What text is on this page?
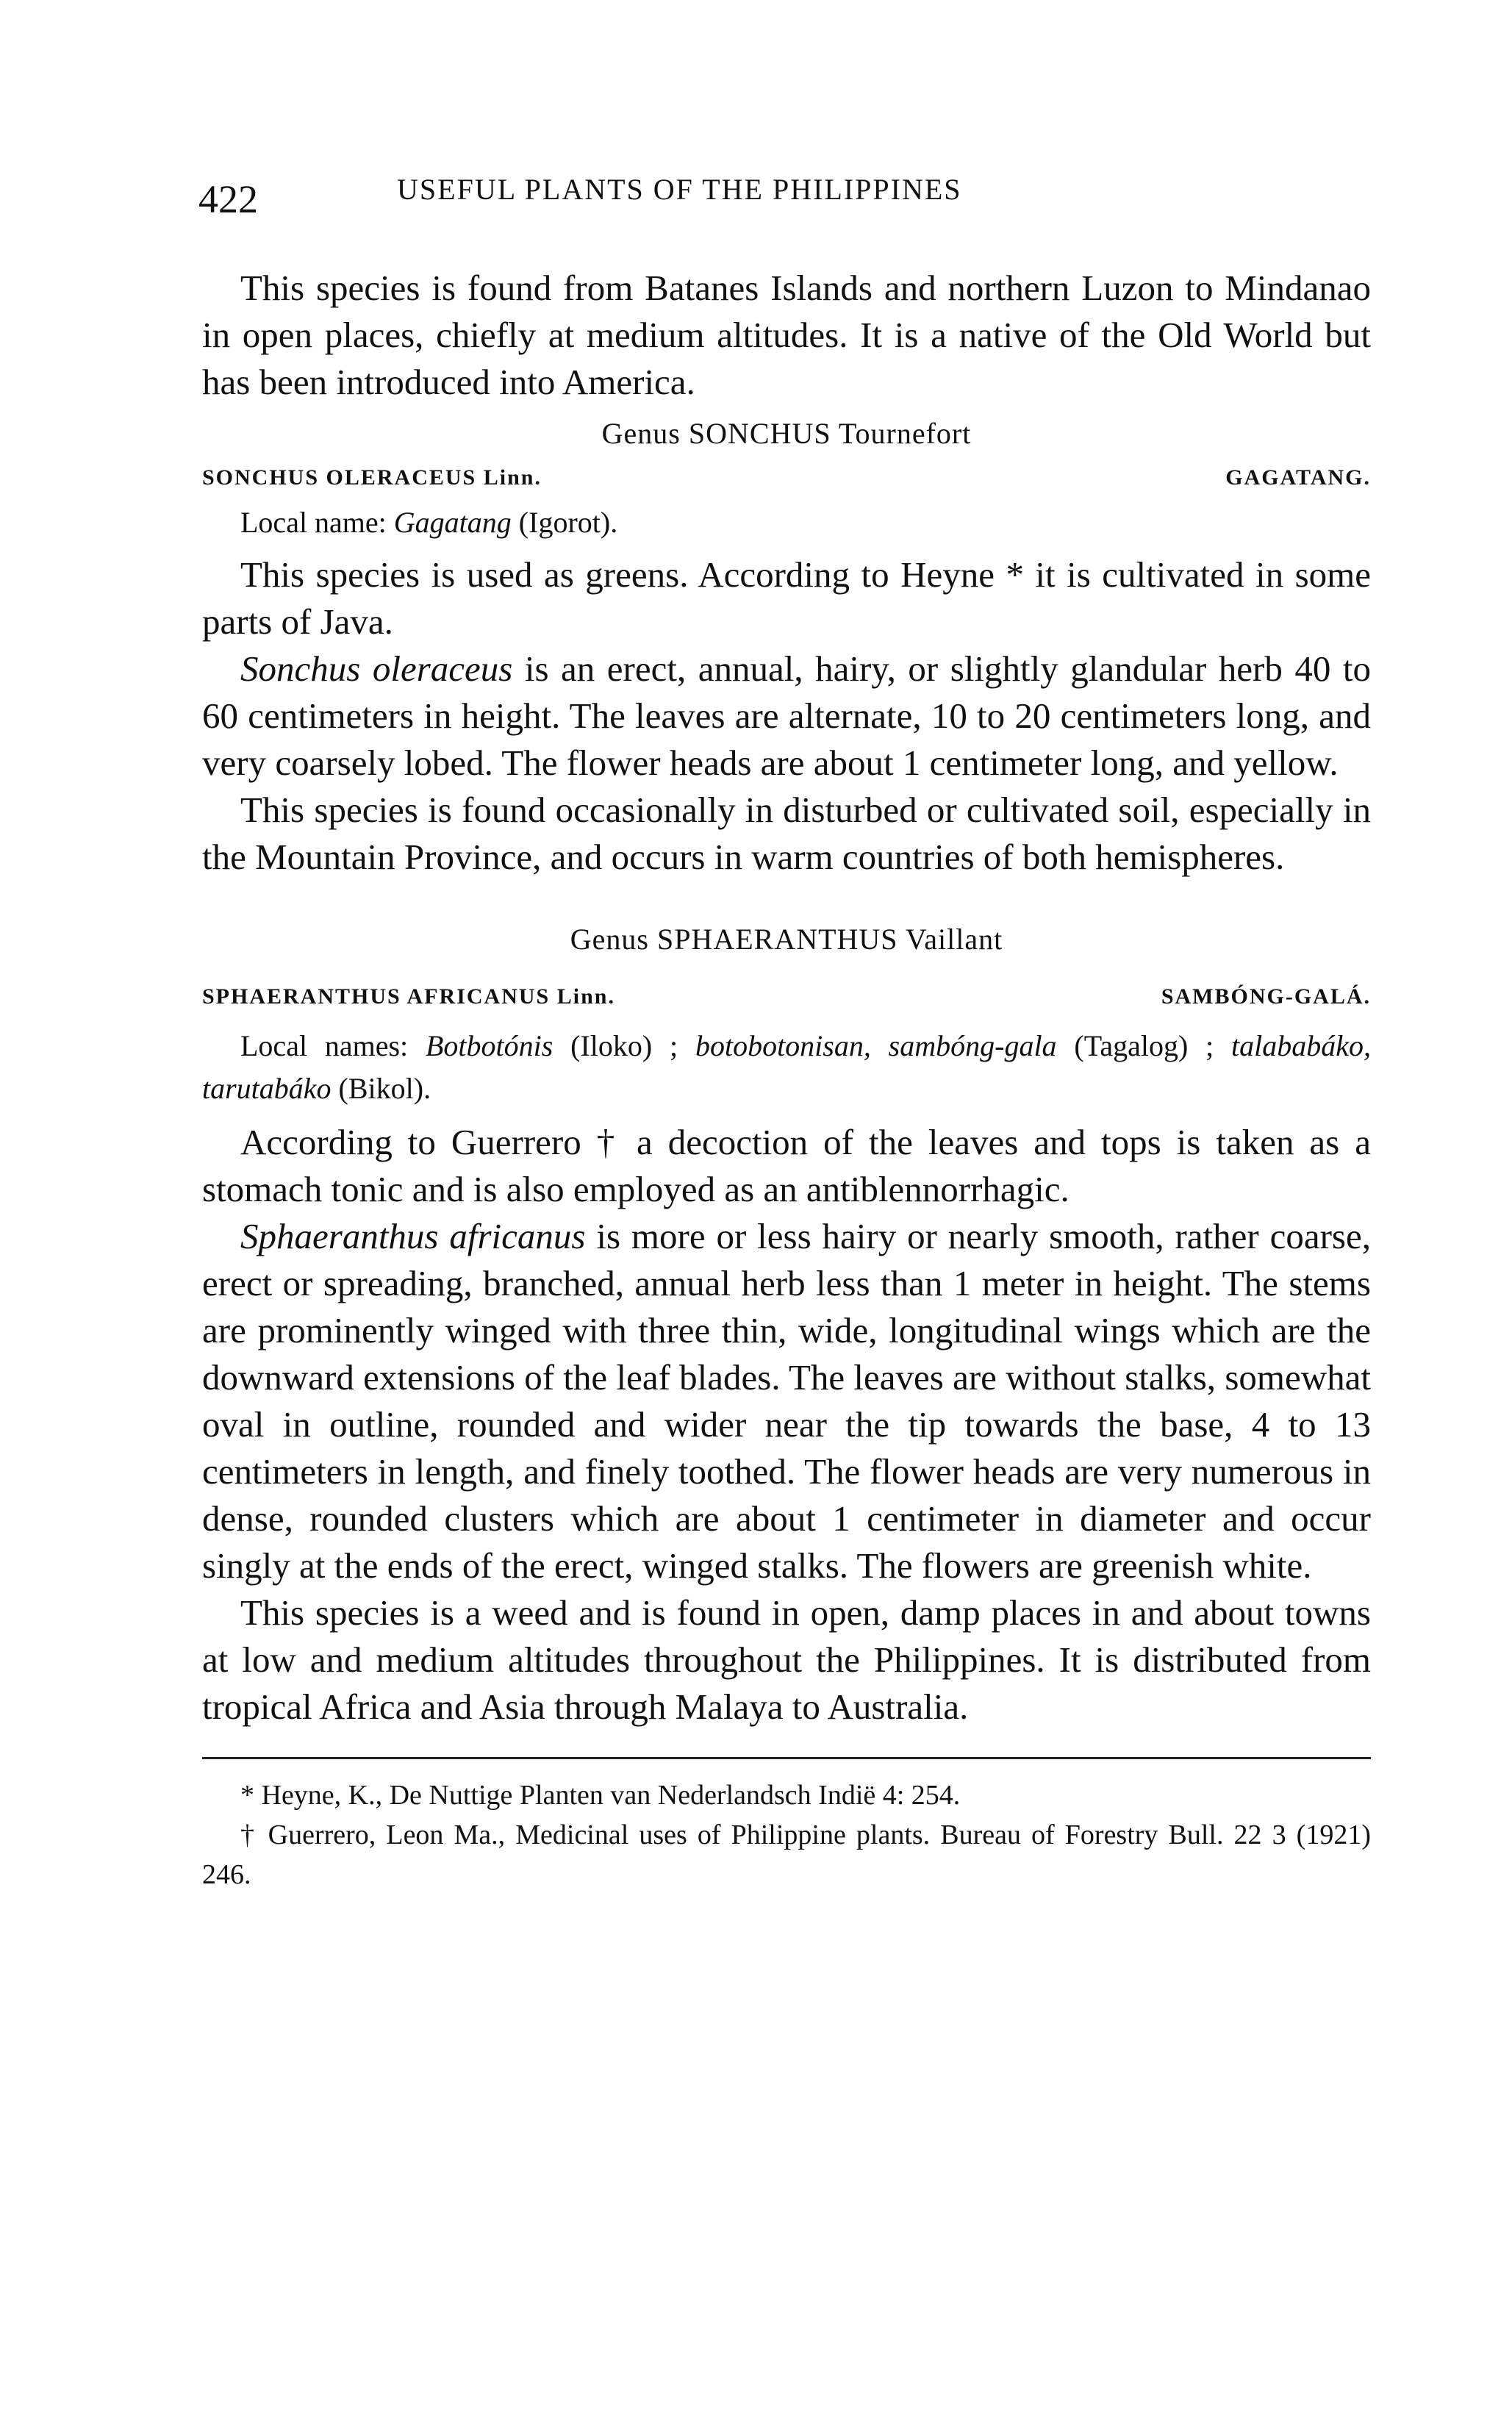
422	USEFUL PLANTS OF THE PHILIPPINES

This species is found from Batanes Islands and northern Luzon to Mindanao in open places, chiefly at medium altitudes. It is a native of the Old World but has been introduced into America.

Genus SONCHUS Tournefort

SONCHUS OLERACEUS Linn.	GAGATANG.

Local name: Gagatang (Igorot).

This species is used as greens. According to Heyne * it is cultivated in some parts of Java.

Sonchus oleraceus is an erect, annual, hairy, or slightly glandular herb 40 to 60 centimeters in height. The leaves are alternate, 10 to 20 centimeters long, and very coarsely lobed. The flower heads are about 1 centimeter long, and yellow.

This species is found occasionally in disturbed or cultivated soil, especially in the Mountain Province, and occurs in warm countries of both hemispheres.

Genus SPHAERANTHUS Vaillant

SPHAERANTHUS AFRICANUS Linn.	SAMBÓNG-GALÁ.

Local names: Botbotónis (Iloko) ; botobotonisan, sambóng-gala (Tagalog) ; talababáko, tarutabáko (Bikol).

According to Guerrero † a decoction of the leaves and tops is taken as a stomach tonic and is also employed as an antiblennorrhagic.

Sphaeranthus africanus is more or less hairy or nearly smooth, rather coarse, erect or spreading, branched, annual herb less than 1 meter in height. The stems are prominently winged with three thin, wide, longitudinal wings which are the downward extensions of the leaf blades. The leaves are without stalks, somewhat oval in outline, rounded and wider near the tip towards the base, 4 to 13 centimeters in length, and finely toothed. The flower heads are very numerous in dense, rounded clusters which are about 1 centimeter in diameter and occur singly at the ends of the erect, winged stalks. The flowers are greenish white.

This species is a weed and is found in open, damp places in and about towns at low and medium altitudes throughout the Philippines. It is distributed from tropical Africa and Asia through Malaya to Australia.

* Heyne, K., De Nuttige Planten van Nederlandsch Indië 4: 254.

† Guerrero, Leon Ma., Medicinal uses of Philippine plants. Bureau of Forestry Bull. 22 3 (1921) 246.
